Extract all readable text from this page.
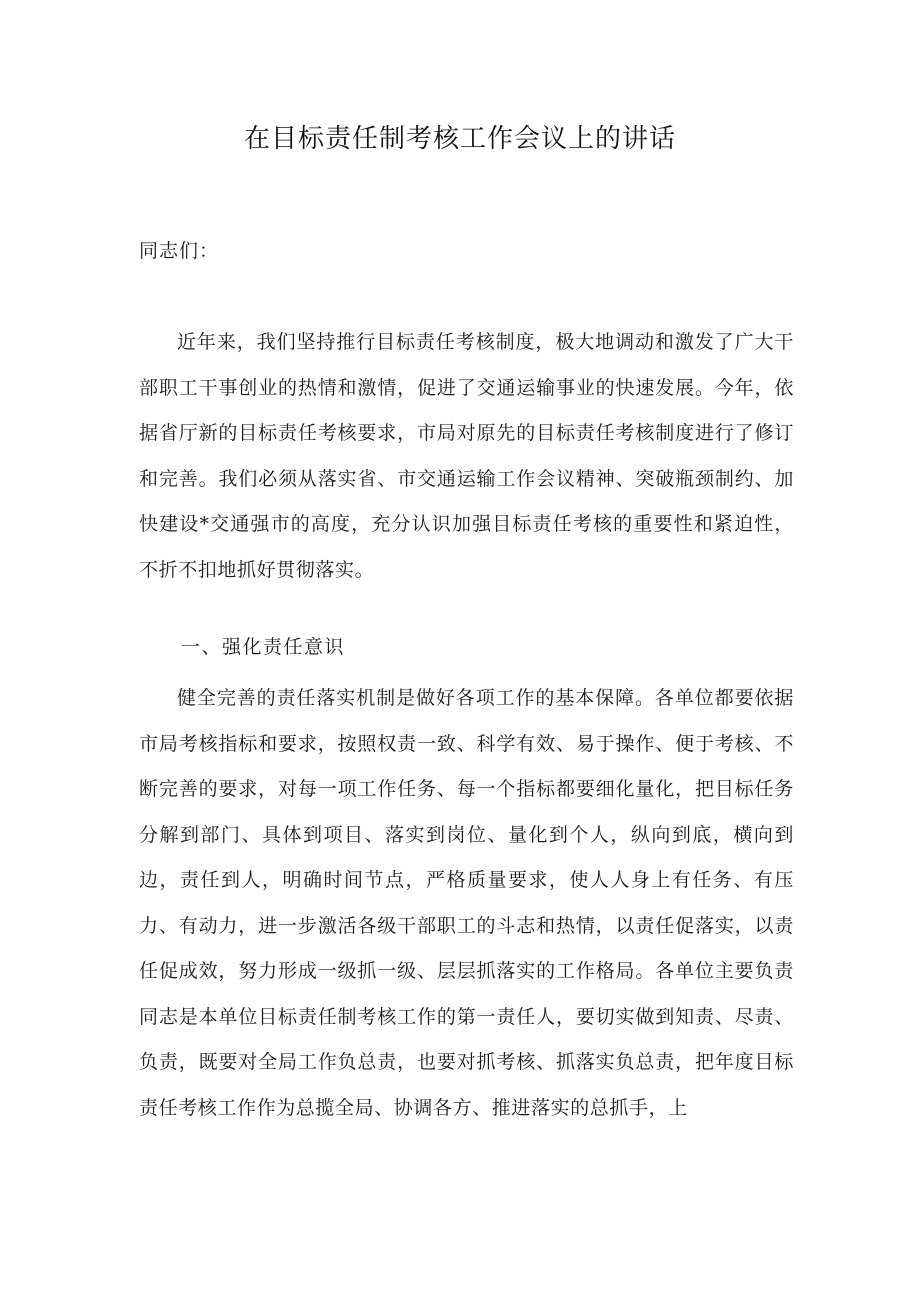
在目标责任制考核工作会议上的讲话

同志们：

近年来，我们坚持推行目标责任考核制度，极大地调动和激发了广大干部职工干事创业的热情和激情，促进了交通运输事业的快速发展。今年，依据省厅新的目标责任考核要求，市局对原先的目标责任考核制度进行了修订和完善。我们必须从落实省、市交通运输工作会议精神、突破瓶颈制约、加快建设*交通强市的高度，充分认识加强目标责任考核的重要性和紧迫性，不折不扣地抓好贯彻落实。

一、强化责任意识

健全完善的责任落实机制是做好各项工作的基本保障。各单位都要依据市局考核指标和要求，按照权责一致、科学有效、易于操作、便于考核、不断完善的要求，对每一项工作任务、每一个指标都要细化量化，把目标任务分解到部门、具体到项目、落实到岗位、量化到个人，纵向到底，横向到边，责任到人，明确时间节点，严格质量要求，使人人身上有任务、有压力、有动力，进一步激活各级干部职工的斗志和热情，以责任促落实，以责任促成效，努力形成一级抓一级、层层抓落实的工作格局。各单位主要负责同志是本单位目标责任制考核工作的第一责任人，要切实做到知责、尽责、负责，既要对全局工作负总责，也要对抓考核、抓落实负总责，把年度目标责任考核工作作为总揽全局、协调各方、推进落实的总抓手，上
